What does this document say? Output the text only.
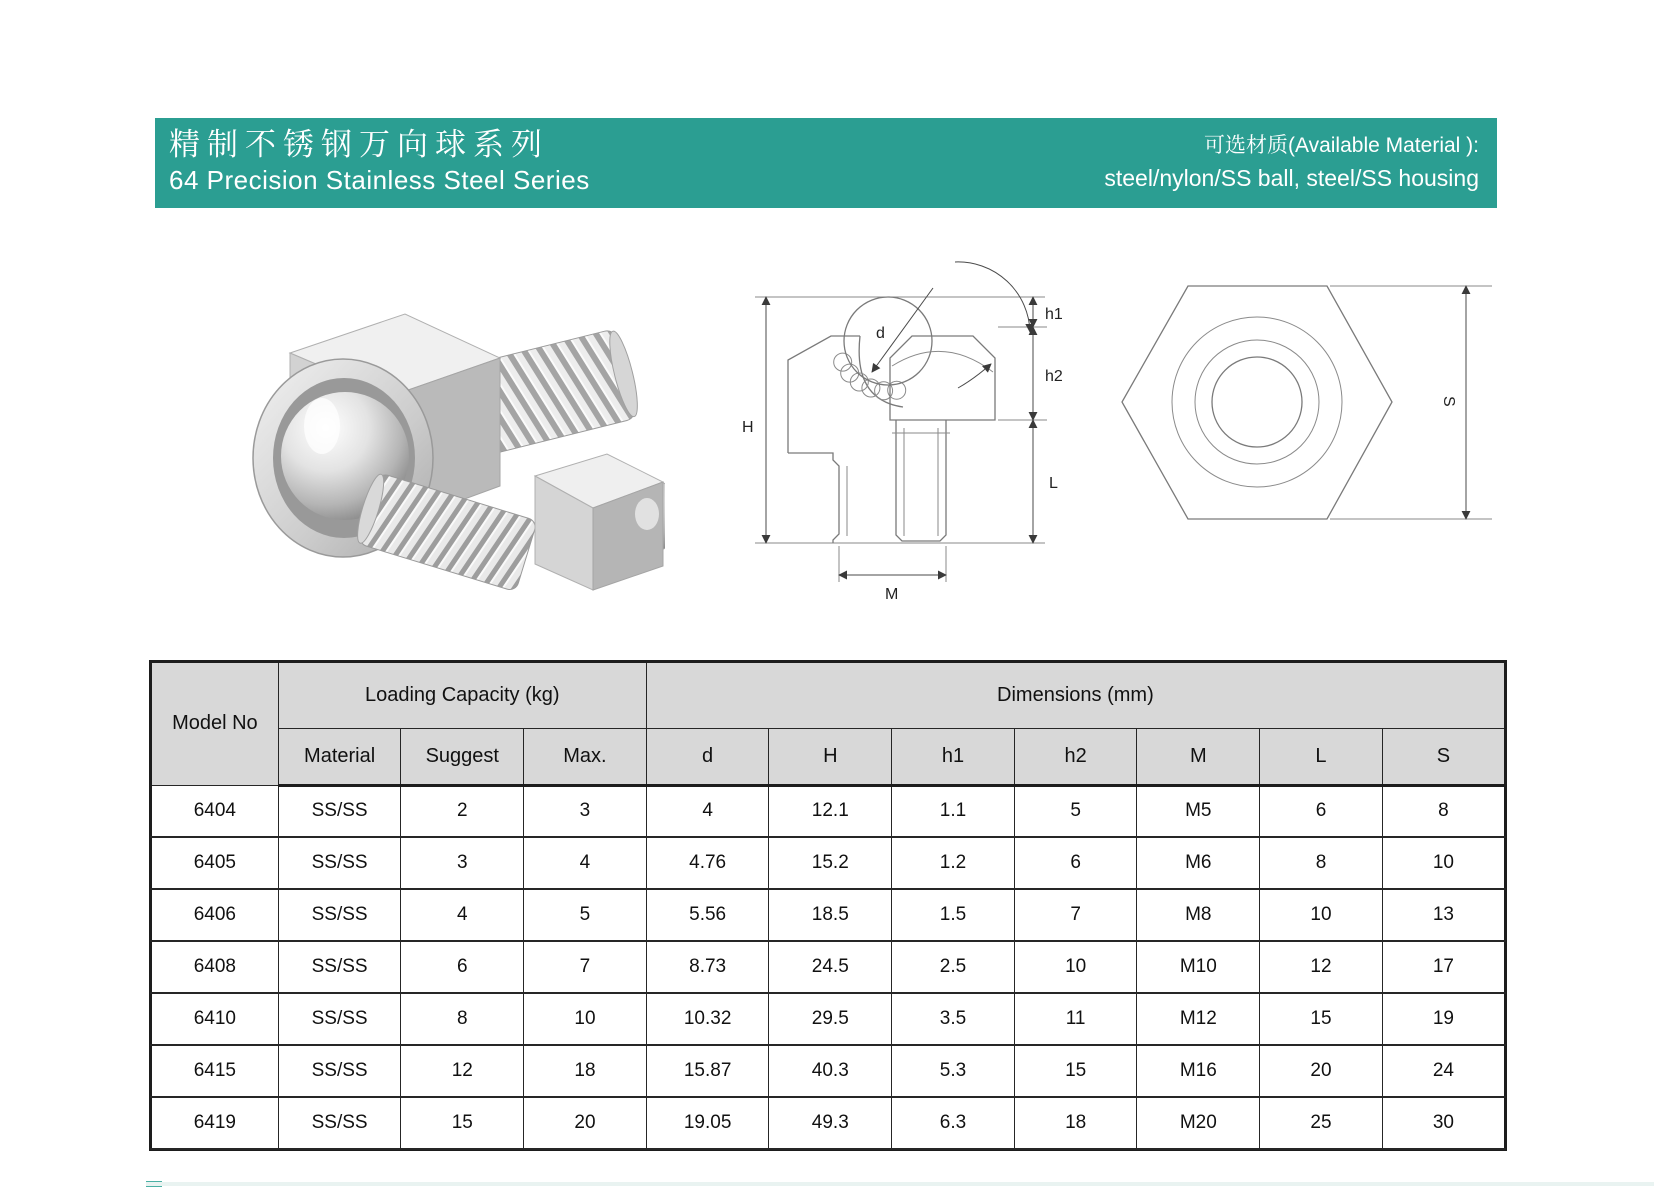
精制不锈钢万向球系列
64 Precision Stainless Steel Series
可选材质(Available Material ):
steel/nylon/SS ball, steel/SS housing
d
H
h1
h2
L
M
S
Model No	Loading Capacity (kg)			Dimensions (mm)						
	Material	Suggest	Max.	d	H	h1	h2	M	L	S
6404	SS/SS	2	3	4	12.1	1.1	5	M5	6	8
6405	SS/SS	3	4	4.76	15.2	1.2	6	M6	8	10
6406	SS/SS	4	5	5.56	18.5	1.5	7	M8	10	13
6408	SS/SS	6	7	8.73	24.5	2.5	10	M10	12	17
6410	SS/SS	8	10	10.32	29.5	3.5	11	M12	15	19
6415	SS/SS	12	18	15.87	40.3	5.3	15	M16	20	24
6419	SS/SS	15	20	19.05	49.3	6.3	18	M20	25	30
